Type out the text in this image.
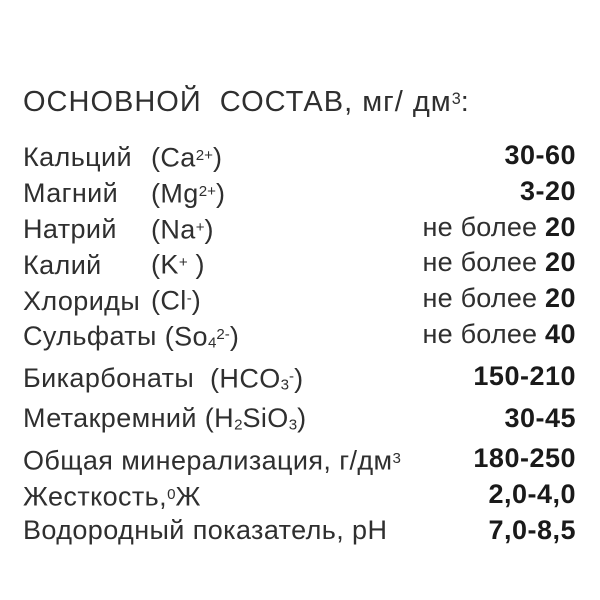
ОСНОВНОЙ  СОСТАВ, мг/ $дм^3$:
Кальций $(Ca^{2+})$	30-60
Магний $(Mg^{2+})$	3-20
Натрий (Na+)	не более 20
Калий (K+ )	не более 20
Хлориды (Cl-)	не более 20
Сульфаты $(So4^{2-})$	не более 40
Бикарбонаты  (HCO3-)	150-210
Метакремний (H2SiO3)	30-45
Общая минерализация, $г/дм^3$	180-250
Жесткость,$^0$Ж	2,0-4,0
Водородный показатель, pH	7,0-8,5
